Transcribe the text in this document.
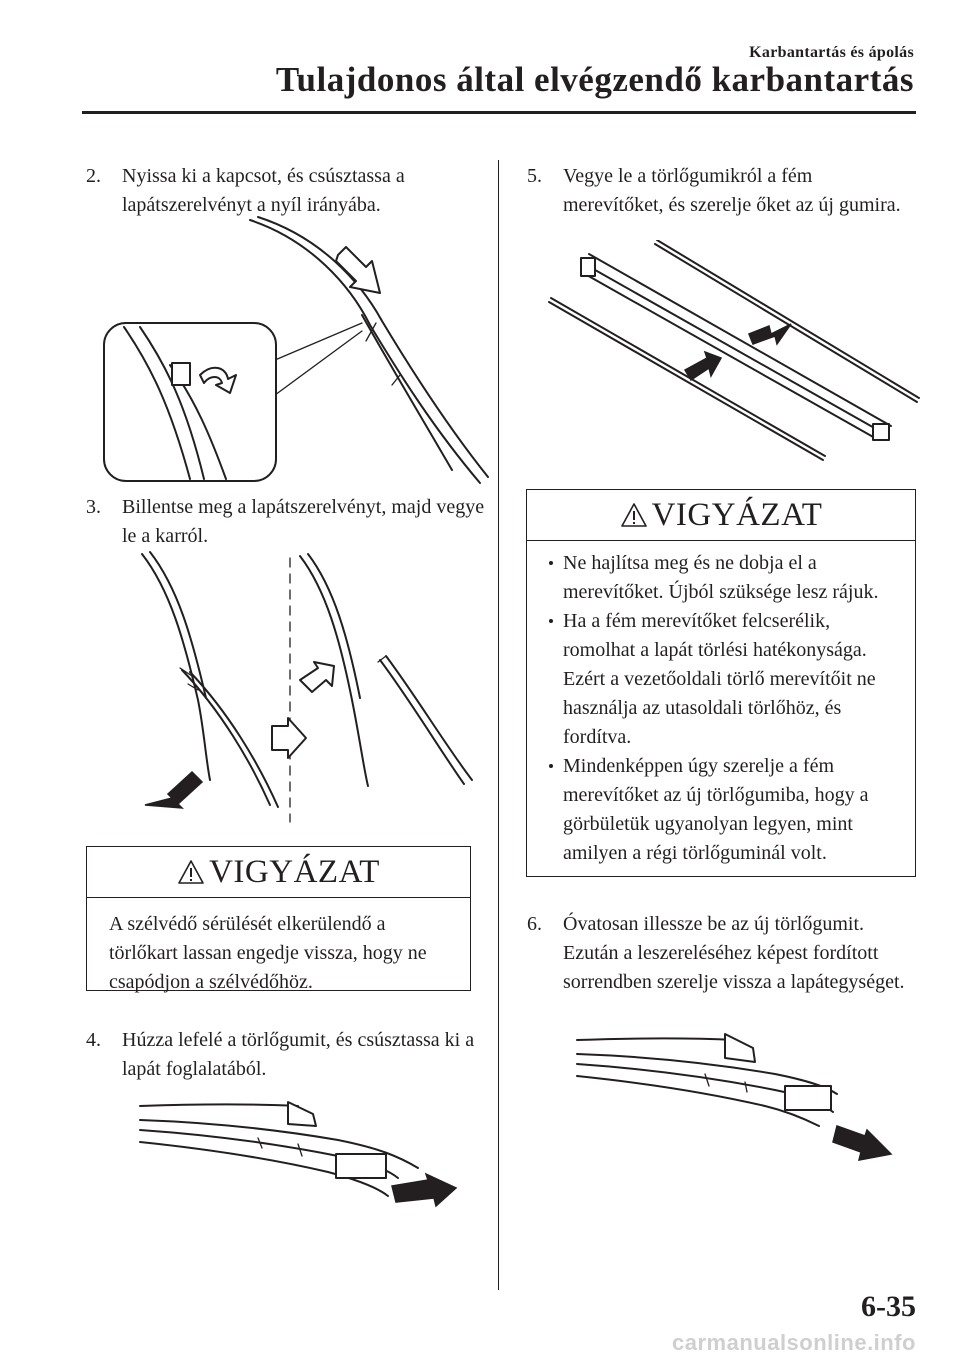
Karbantartás és ápolás
Tulajdonos által elvégzendő karbantartás
2. Nyissa ki a kapcsot, és csúsztassa a lapátszerelvényt a nyíl irányába.
3. Billentse meg a lapátszerelvényt, majd vegye le a karról.
VIGYÁZAT
A szélvédő sérülését elkerülendő a törlőkart lassan engedje vissza, hogy ne csapódjon a szélvédőhöz.
4. Húzza lefelé a törlőgumit, és csúsztassa ki a lapát foglalatából.
5. Vegye le a törlőgumikról a fém merevítőket, és szerelje őket az új gumira.
VIGYÁZAT
Ne hajlítsa meg és ne dobja el a merevítőket. Újból szüksége lesz rájuk.
Ha a fém merevítőket felcserélik, romolhat a lapát törlési hatékonysága. Ezért a vezetőoldali törlő merevítőit ne használja az utasoldali törlőhöz, és fordítva.
Mindenképpen úgy szerelje a fém merevítőket az új törlőgumiba, hogy a görbületük ugyanolyan legyen, mint amilyen a régi törlőguminál volt.
6. Óvatosan illessze be az új törlőgumit. Ezután a leszereléséhez képest fordított sorrendben szerelje vissza a lapátegységet.
6-35
carmanualsonline.info
